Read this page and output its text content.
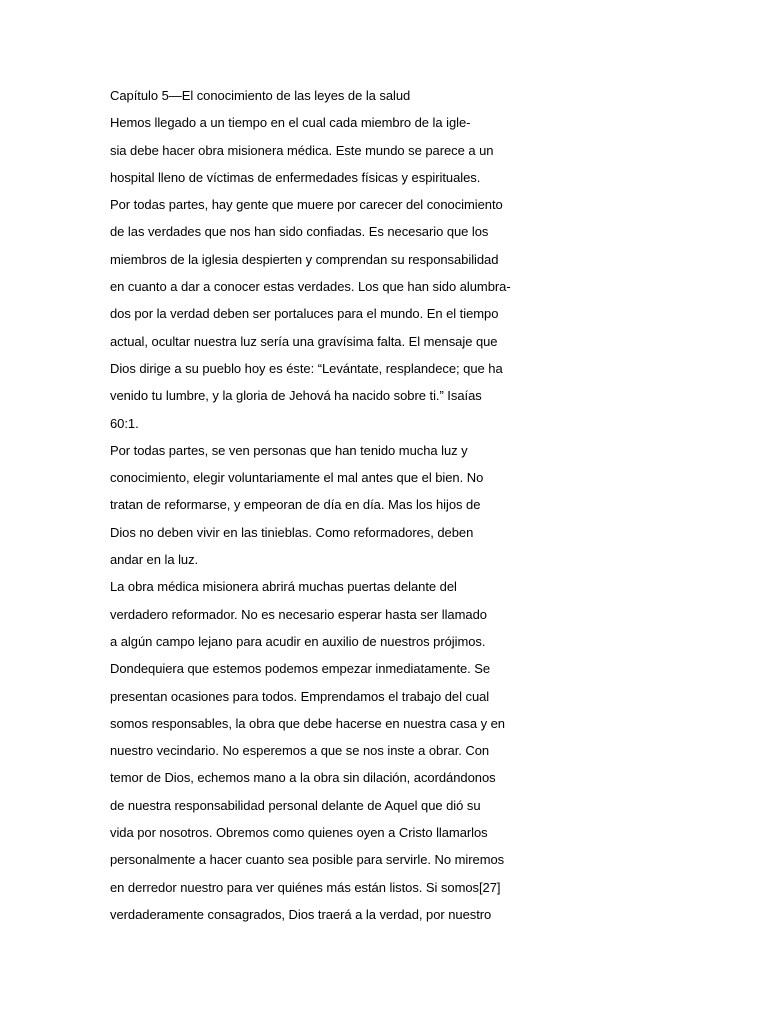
Capítulo 5—El conocimiento de las leyes de la salud
Hemos llegado a un tiempo en el cual cada miembro de la igle-
sia debe hacer obra misionera médica. Este mundo se parece a un
hospital lleno de víctimas de enfermedades físicas y espirituales.
Por todas partes, hay gente que muere por carecer del conocimiento
de las verdades que nos han sido confiadas. Es necesario que los
miembros de la iglesia despierten y comprendan su responsabilidad
en cuanto a dar a conocer estas verdades. Los que han sido alumbra-
dos por la verdad deben ser portaluces para el mundo. En el tiempo
actual, ocultar nuestra luz sería una gravísima falta. El mensaje que
Dios dirige a su pueblo hoy es éste: “Levántate, resplandece; que ha
venido tu lumbre, y la gloria de Jehová ha nacido sobre ti.” Isaías
60:1.
Por todas partes, se ven personas que han tenido mucha luz y
conocimiento, elegir voluntariamente el mal antes que el bien. No
tratan de reformarse, y empeoran de día en día. Mas los hijos de
Dios no deben vivir en las tinieblas. Como reformadores, deben
andar en la luz.
La obra médica misionera abrirá muchas puertas delante del
verdadero reformador. No es necesario esperar hasta ser llamado
a algún campo lejano para acudir en auxilio de nuestros prójimos.
Dondequiera que estemos podemos empezar inmediatamente. Se
presentan ocasiones para todos. Emprendamos el trabajo del cual
somos responsables, la obra que debe hacerse en nuestra casa y en
nuestro vecindario. No esperemos a que se nos inste a obrar. Con
temor de Dios, echemos mano a la obra sin dilación, acordándonos
de nuestra responsabilidad personal delante de Aquel que dió su
vida por nosotros. Obremos como quienes oyen a Cristo llamarlos
personalmente a hacer cuanto sea posible para servirle. No miremos
en derredor nuestro para ver quiénes más están listos. Si somos[27]
verdaderamente consagrados, Dios traerá a la verdad, por nuestro
